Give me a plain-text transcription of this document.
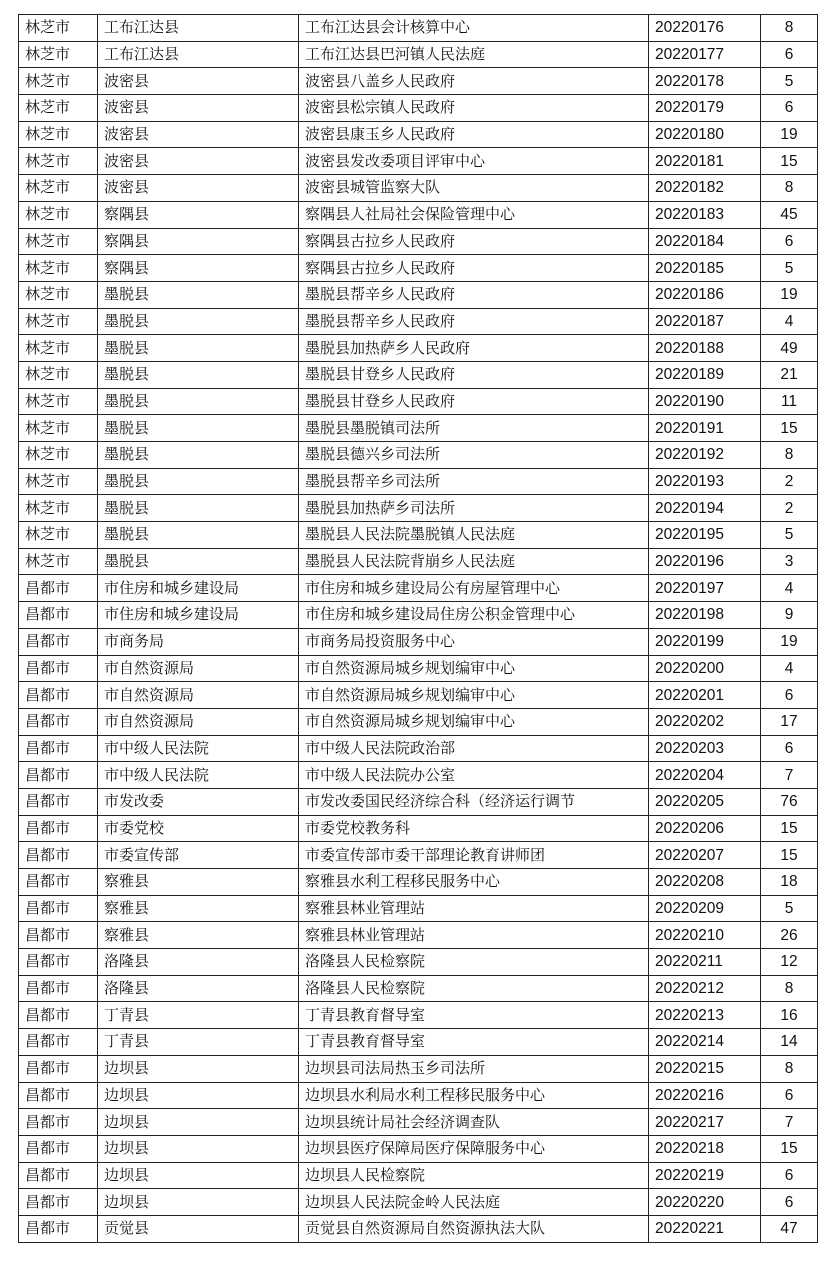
林芝市	工布江达县	工布江达县会计核算中心	20220176	8
林芝市	工布江达县	工布江达县巴河镇人民法庭	20220177	6
林芝市	波密县	波密县八盖乡人民政府	20220178	5
林芝市	波密县	波密县松宗镇人民政府	20220179	6
林芝市	波密县	波密县康玉乡人民政府	20220180	19
林芝市	波密县	波密县发改委项目评审中心	20220181	15
林芝市	波密县	波密县城管监察大队	20220182	8
林芝市	察隅县	察隅县人社局社会保险管理中心	20220183	45
林芝市	察隅县	察隅县古拉乡人民政府	20220184	6
林芝市	察隅县	察隅县古拉乡人民政府	20220185	5
林芝市	墨脱县	墨脱县帮辛乡人民政府	20220186	19
林芝市	墨脱县	墨脱县帮辛乡人民政府	20220187	4
林芝市	墨脱县	墨脱县加热萨乡人民政府	20220188	49
林芝市	墨脱县	墨脱县甘登乡人民政府	20220189	21
林芝市	墨脱县	墨脱县甘登乡人民政府	20220190	11
林芝市	墨脱县	墨脱县墨脱镇司法所	20220191	15
林芝市	墨脱县	墨脱县德兴乡司法所	20220192	8
林芝市	墨脱县	墨脱县帮辛乡司法所	20220193	2
林芝市	墨脱县	墨脱县加热萨乡司法所	20220194	2
林芝市	墨脱县	墨脱县人民法院墨脱镇人民法庭	20220195	5
林芝市	墨脱县	墨脱县人民法院背崩乡人民法庭	20220196	3
昌都市	市住房和城乡建设局	市住房和城乡建设局公有房屋管理中心	20220197	4
昌都市	市住房和城乡建设局	市住房和城乡建设局住房公积金管理中心	20220198	9
昌都市	市商务局	市商务局投资服务中心	20220199	19
昌都市	市自然资源局	市自然资源局城乡规划编审中心	20220200	4
昌都市	市自然资源局	市自然资源局城乡规划编审中心	20220201	6
昌都市	市自然资源局	市自然资源局城乡规划编审中心	20220202	17
昌都市	市中级人民法院	市中级人民法院政治部	20220203	6
昌都市	市中级人民法院	市中级人民法院办公室	20220204	7
昌都市	市发改委	市发改委国民经济综合科（经济运行调节	20220205	76
昌都市	市委党校	市委党校教务科	20220206	15
昌都市	市委宣传部	市委宣传部市委干部理论教育讲师团	20220207	15
昌都市	察雅县	察雅县水利工程移民服务中心	20220208	18
昌都市	察雅县	察雅县林业管理站	20220209	5
昌都市	察雅县	察雅县林业管理站	20220210	26
昌都市	洛隆县	洛隆县人民检察院	20220211	12
昌都市	洛隆县	洛隆县人民检察院	20220212	8
昌都市	丁青县	丁青县教育督导室	20220213	16
昌都市	丁青县	丁青县教育督导室	20220214	14
昌都市	边坝县	边坝县司法局热玉乡司法所	20220215	8
昌都市	边坝县	边坝县水利局水利工程移民服务中心	20220216	6
昌都市	边坝县	边坝县统计局社会经济调查队	20220217	7
昌都市	边坝县	边坝县医疗保障局医疗保障服务中心	20220218	15
昌都市	边坝县	边坝县人民检察院	20220219	6
昌都市	边坝县	边坝县人民法院金岭人民法庭	20220220	6
昌都市	贡觉县	贡觉县自然资源局自然资源执法大队	20220221	47
